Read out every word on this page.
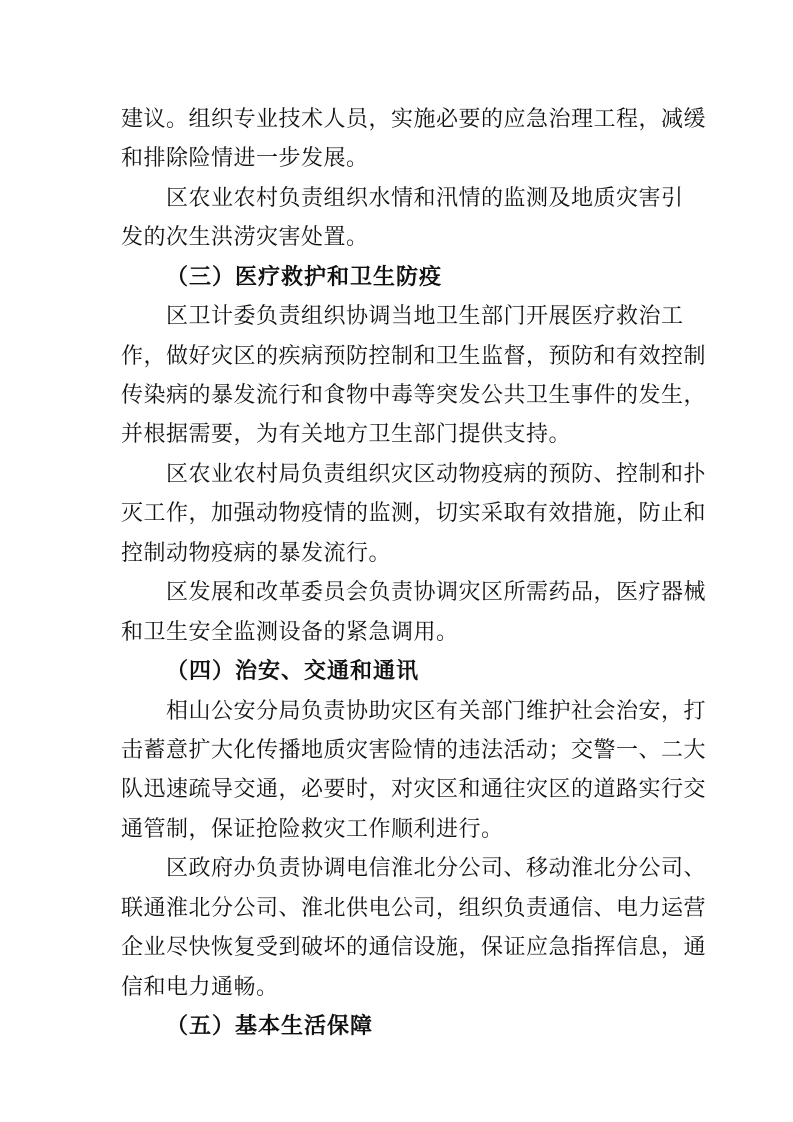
建议。组织专业技术人员，实施必要的应急治理工程，减缓
和排除险情进一步发展。
区农业农村负责组织水情和汛情的监测及地质灾害引
发的次生洪涝灾害处置。
（三）医疗救护和卫生防疫
区卫计委负责组织协调当地卫生部门开展医疗救治工
作，做好灾区的疾病预防控制和卫生监督，预防和有效控制
传染病的暴发流行和食物中毒等突发公共卫生事件的发生，
并根据需要，为有关地方卫生部门提供支持。
区农业农村局负责组织灾区动物疫病的预防、控制和扑
灭工作，加强动物疫情的监测，切实采取有效措施，防止和
控制动物疫病的暴发流行。
区发展和改革委员会负责协调灾区所需药品，医疗器械
和卫生安全监测设备的紧急调用。
（四）治安、交通和通讯
相山公安分局负责协助灾区有关部门维护社会治安，打
击蓄意扩大化传播地质灾害险情的违法活动；交警一、二大
队迅速疏导交通，必要时，对灾区和通往灾区的道路实行交
通管制，保证抢险救灾工作顺利进行。
区政府办负责协调电信淮北分公司、移动淮北分公司、
联通淮北分公司、淮北供电公司，组织负责通信、电力运营
企业尽快恢复受到破坏的通信设施，保证应急指挥信息，通
信和电力通畅。
（五）基本生活保障
